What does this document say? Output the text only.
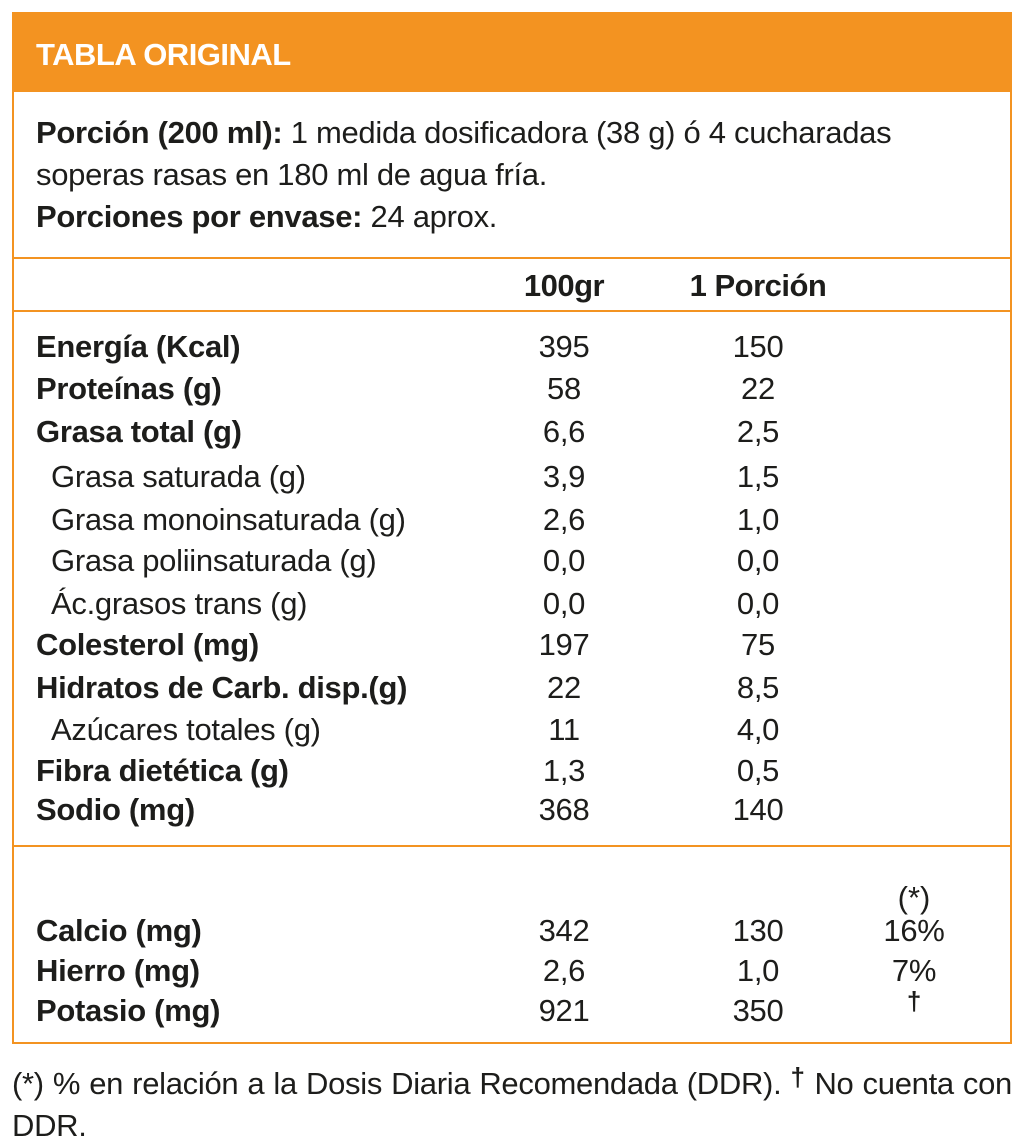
TABLA ORIGINAL
Porción (200 ml): 1 medida dosificadora (38 g) ó 4 cucharadas soperas rasas en 180 ml de agua fría.
Porciones por envase: 24 aprox.
100gr	1 Porción
Energía (Kcal)	395	150
Proteínas (g)	58	22
Grasa total (g)	6,6	2,5
Grasa saturada (g)	3,9	1,5
Grasa monoinsaturada (g)	2,6	1,0
Grasa poliinsaturada (g)	0,0	0,0
Ác.grasos trans (g)	0,0	0,0
Colesterol (mg)	197	75
Hidratos de Carb. disp.(g)	22	8,5
Azúcares totales (g)	11	4,0
Fibra dietética (g)	1,3	0,5
Sodio (mg)	368	140
(*)
Calcio (mg)	342	130	16%
Hierro (mg)	2,6	1,0	7%
Potasio (mg)	921	350	†
(*) % en relación a la Dosis Diaria Recomendada (DDR). † No cuenta con DDR.
